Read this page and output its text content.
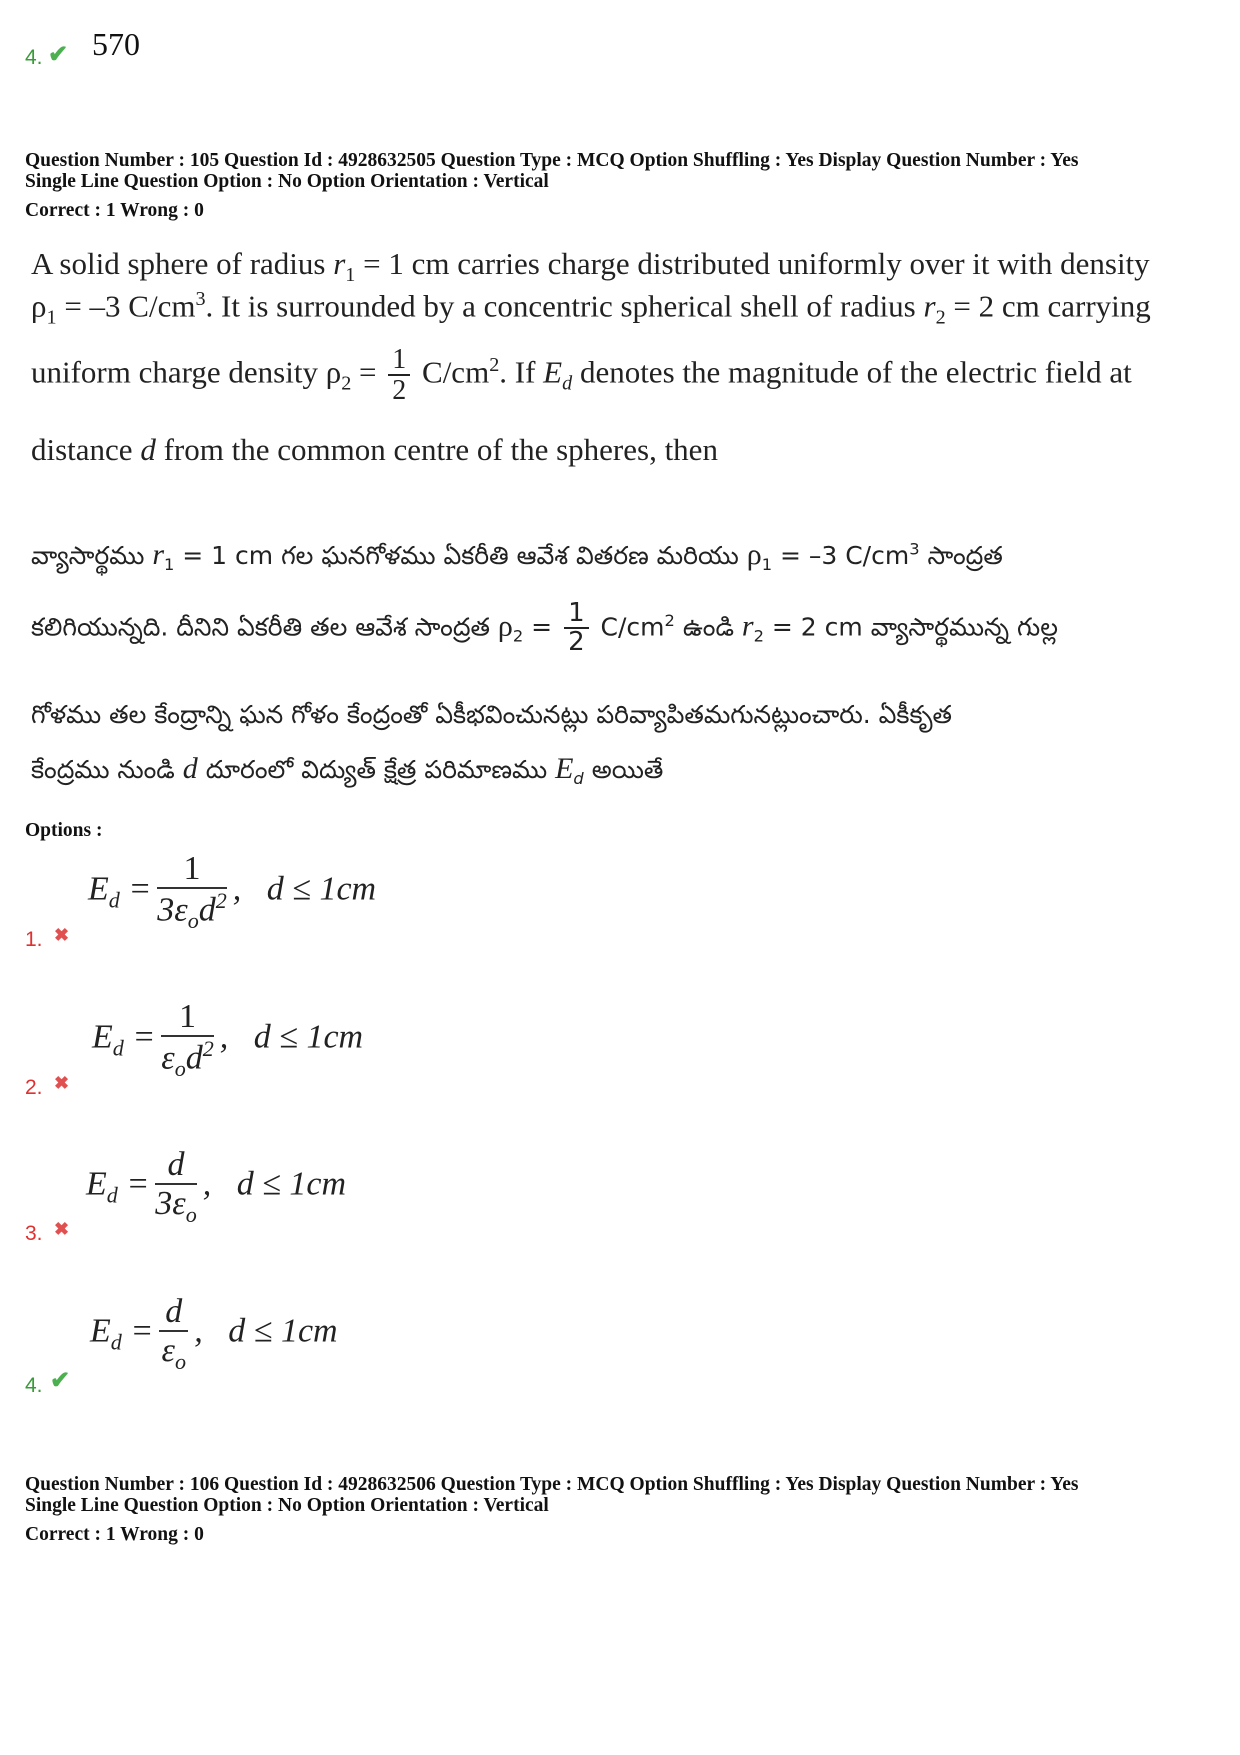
4. ✔ 570
Question Number : 105 Question Id : 4928632505 Question Type : MCQ Option Shuffling : Yes Display Question Number : Yes
Single Line Question Option : No Option Orientation : Vertical
Correct : 1 Wrong : 0
A solid sphere of radius $r_1 = 1$ cm carries charge distributed uniformly over it with density
$\rho_1 = -3$ $C/cm^3$. It is surrounded by a concentric spherical shell of radius $r_2 = 2$ cm carrying
uniform charge density $\rho_2 = \frac{1}{2} C/cm^2$. If $E_d$ denotes the magnitude of the electric field at
distance d from the common centre of the spheres, then
వ్యాసార్థము $r_1 = 1$ cm గల ఘనగోళము ఏకరీతి ఆవేశ వితరణ మరియు $\rho_1 = -3$ $C/cm^3$ సాంద్రత
కలిగియున్నది. దీనిని ఏకరీతి తల ఆవేశ సాంద్రత $\rho_2 = \frac{1}{2} C/cm^2$ ఉండి $r_2 = 2$ cm వ్యాసార్థమున్న గుల్ల
గోళము తల కేంద్రాన్ని ఘన గోళం కేంద్రంతో ఏకీభవించునట్లు పరివ్యాపితమగునట్లుంచారు. ఏకీకృత
కేంద్రము నుండి d దూరంలో విద్యుత్ క్షేత్ర పరిమాణము $E_d$ అయితే
Options :
$E_d$ =
1
$3\varepsilon_od^2$ ,   d ≤ 1cm
1. ✖
$E_d$ =
1
$\varepsilon_od^2$ ,   d ≤ 1cm
2. ✖
$E_d = \frac{d}{3\varepsilon_o}$ ,   d ≤ 1cm
3. ✖
$E_d = \frac{d}{\varepsilon_o}$ ,   d ≤ 1cm
4. ✔
Question Number : 106 Question Id : 4928632506 Question Type : MCQ Option Shuffling : Yes Display Question Number : Yes
Single Line Question Option : No Option Orientation : Vertical
Correct : 1 Wrong : 0
